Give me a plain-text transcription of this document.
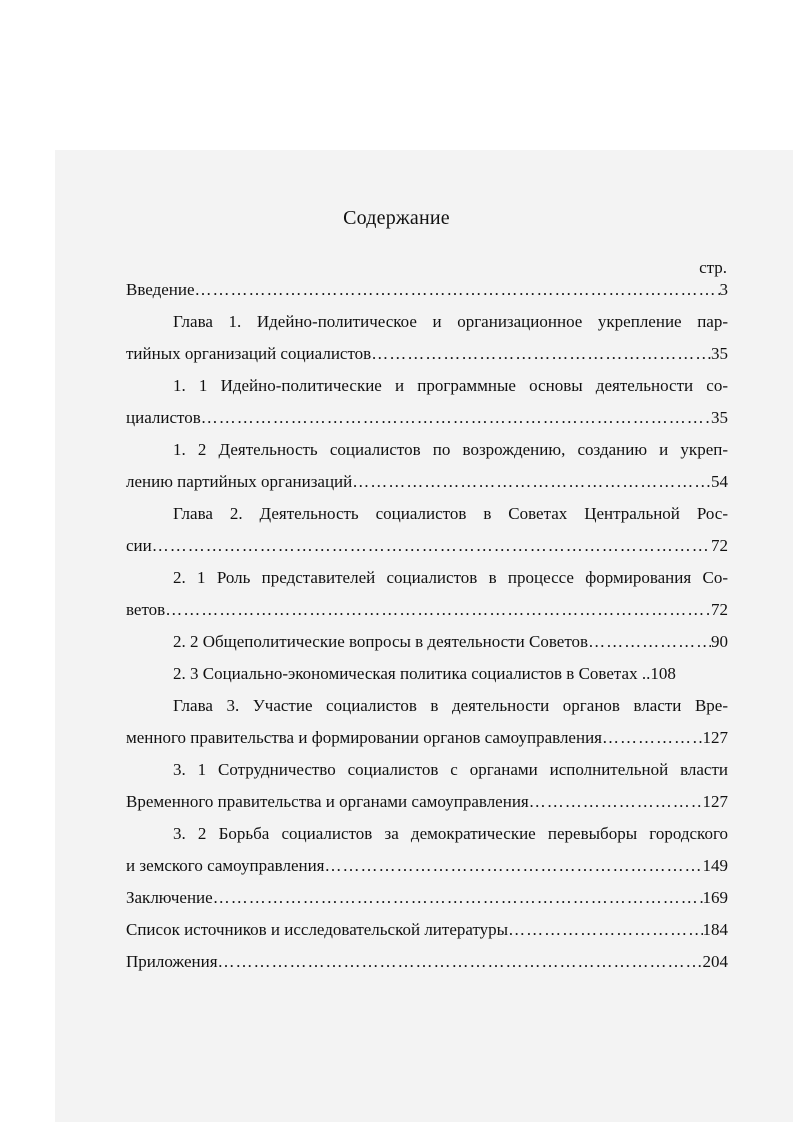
Содержание
стр.
Введение ……………………………………………………………………………………………………………………………………………………………………	3
Глава 1. Идейно-политическое и организационное укрепление пар-
тийных организаций социалистов ……………………………………………………………………………………………………………………………………………………………………	35
1. 1 Идейно-политические и программные основы деятельности со-
циалистов ……………………………………………………………………………………………………………………………………………………………………	35
1. 2 Деятельность социалистов по возрождению, созданию и укреп-
лению партийных организаций ……………………………………………………………………………………………………………………………………………………………………	54
Глава 2. Деятельность социалистов в Советах Центральной Рос-
сии ……………………………………………………………………………………………………………………………………………………………………	72
2. 1 Роль представителей социалистов в процессе формирования Со-
ветов ……………………………………………………………………………………………………………………………………………………………………	72
2. 2 Общеполитические вопросы в деятельности Советов ……………………………………………………………………………………………………………………………………………………………………	90
2. 3 Социально-экономическая политика социалистов в Советах .. 108
Глава 3. Участие социалистов в деятельности органов власти Вре-
менного правительства и формировании органов самоуправления ……………………………………………………………………………………………………………………………………………………………………	127
3. 1 Сотрудничество социалистов с органами исполнительной власти
Временного правительства и органами самоуправления ……………………………………………………………………………………………………………………………………………………………………	127
3. 2 Борьба социалистов за демократические перевыборы городского
и земского самоуправления ……………………………………………………………………………………………………………………………………………………………………	149
Заключение ……………………………………………………………………………………………………………………………………………………………………	169
Список источников и исследовательской литературы ……………………………………………………………………………………………………………………………………………………………………	184
Приложения ……………………………………………………………………………………………………………………………………………………………………	204
